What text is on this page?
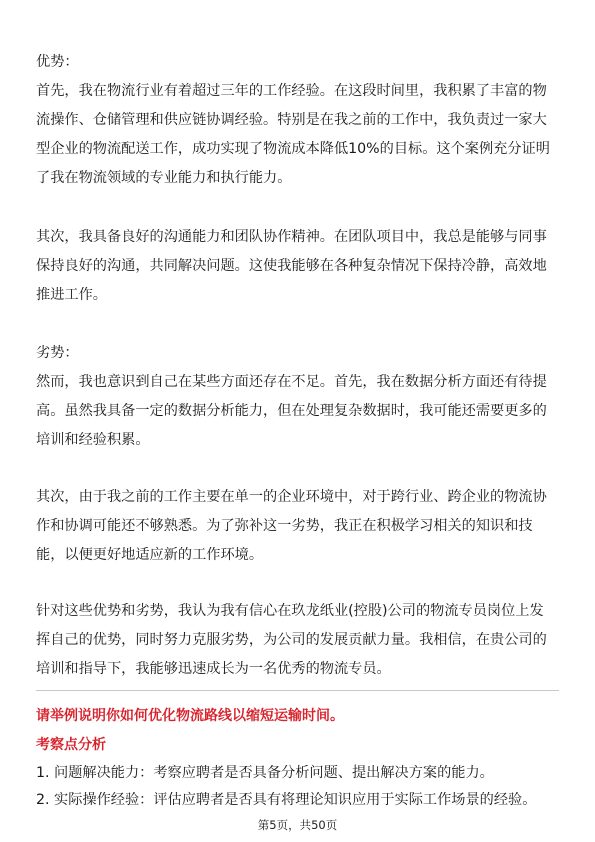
优势：
首先，我在物流行业有着超过三年的工作经验。在这段时间里，我积累了丰富的物
流操作、仓储管理和供应链协调经验。特别是在我之前的工作中，我负责过一家大
型企业的物流配送工作，成功实现了物流成本降低10%的目标。这个案例充分证明
了我在物流领域的专业能力和执行能力。
其次，我具备良好的沟通能力和团队协作精神。在团队项目中，我总是能够与同事
保持良好的沟通，共同解决问题。这使我能够在各种复杂情况下保持冷静，高效地
推进工作。
劣势：
然而，我也意识到自己在某些方面还存在不足。首先，我在数据分析方面还有待提
高。虽然我具备一定的数据分析能力，但在处理复杂数据时，我可能还需要更多的
培训和经验积累。
其次，由于我之前的工作主要在单一的企业环境中，对于跨行业、跨企业的物流协
作和协调可能还不够熟悉。为了弥补这一劣势，我正在积极学习相关的知识和技
能，以便更好地适应新的工作环境。
针对这些优势和劣势，我认为我有信心在玖龙纸业(控股)公司的物流专员岗位上发
挥自己的优势，同时努力克服劣势，为公司的发展贡献力量。我相信，在贵公司的
培训和指导下，我能够迅速成长为一名优秀的物流专员。
请举例说明你如何优化物流路线以缩短运输时间。
考察点分析
1. 问题解决能力：考察应聘者是否具备分析问题、提出解决方案的能力。
2. 实际操作经验：评估应聘者是否具有将理论知识应用于实际工作场景的经验。
第5页，共50页
